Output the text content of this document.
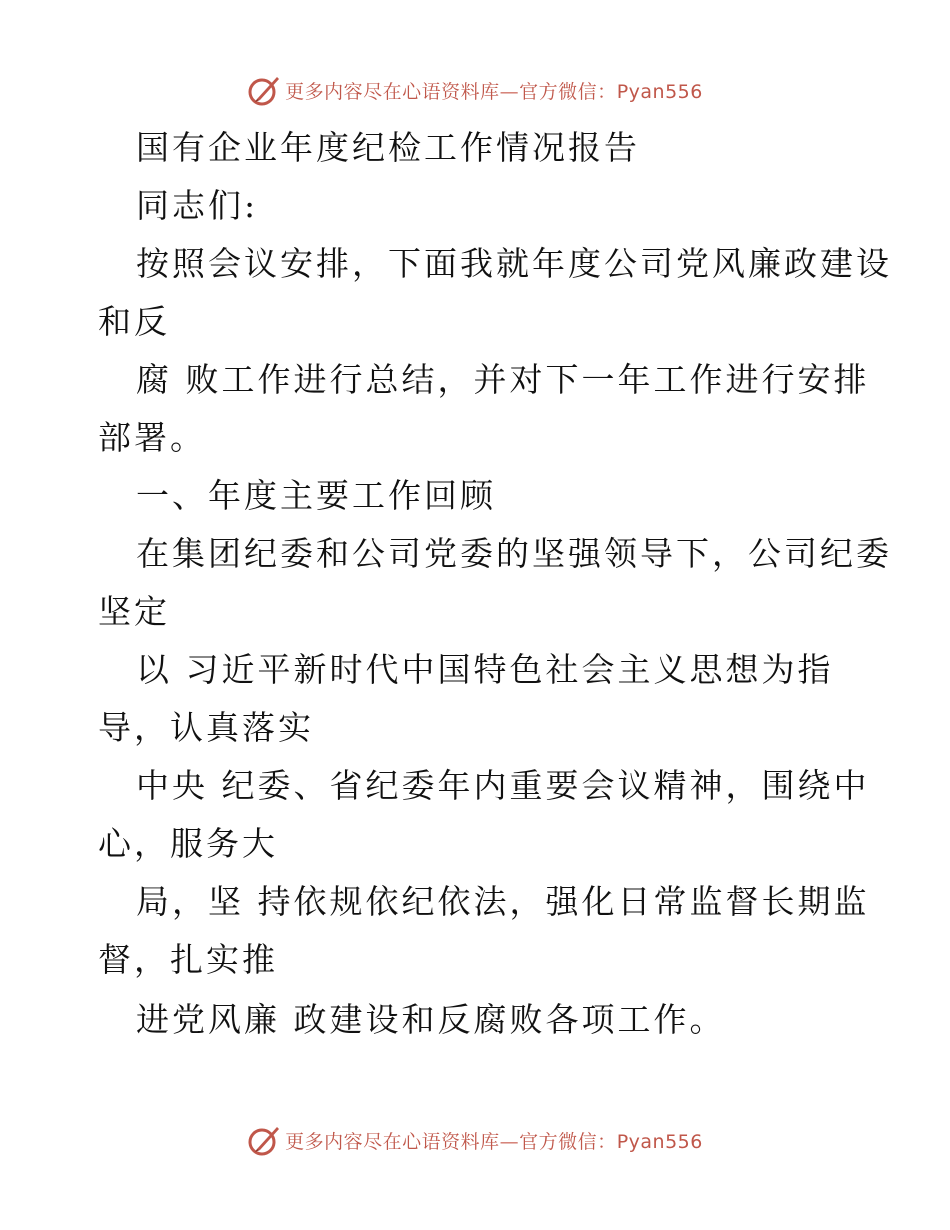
更多内容尽在心语资料库—官方微信：Pyan556
国有企业年度纪检工作情况报告
同志们:
按照会议安排，下面我就年度公司党风廉政建设
和反
腐 败工作进行总结，并对下一年工作进行安排
部署。
一、年度主要工作回顾
在集团纪委和公司党委的坚强领导下，公司纪委
坚定
以 习近平新时代中国特色社会主义思想为指
导，认真落实
中央 纪委、省纪委年内重要会议精神，围绕中
心，服务大
局，坚 持依规依纪依法，强化日常监督长期监
督，扎实推
进党风廉 政建设和反腐败各项工作。
更多内容尽在心语资料库—官方微信：Pyan556
